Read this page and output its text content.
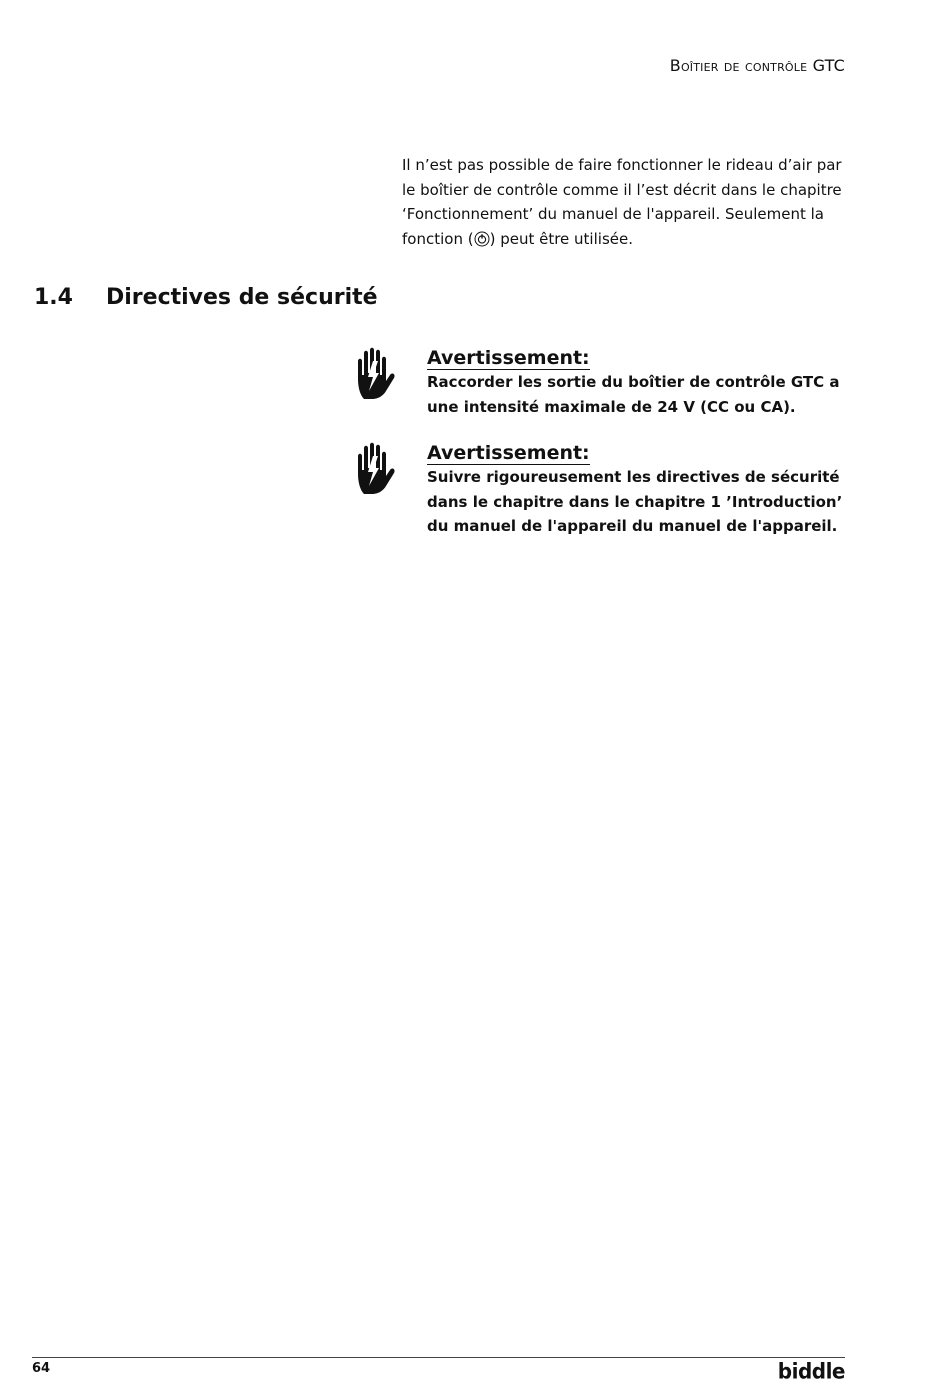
Boîtier de contrôle GTC

Il n’est pas possible de faire fonctionner le rideau d’air par le boîtier de contrôle comme il l’est décrit dans le chapitre ‘Fonctionnement’ du manuel de l'appareil. Seulement la fonction ( ) peut être utilisée.

1.4 Directives de sécurité
Avertissement:

Raccorder les sortie du boîtier de contrôle GTC a une intensité maximale de 24 V (CC ou CA).

Avertissement:

Suivre rigoureusement les directives de sécurité dans le chapitre dans le chapitre 1 ’Introduction’ du manuel de l'appareil du manuel de l'appareil.

64	biddle
